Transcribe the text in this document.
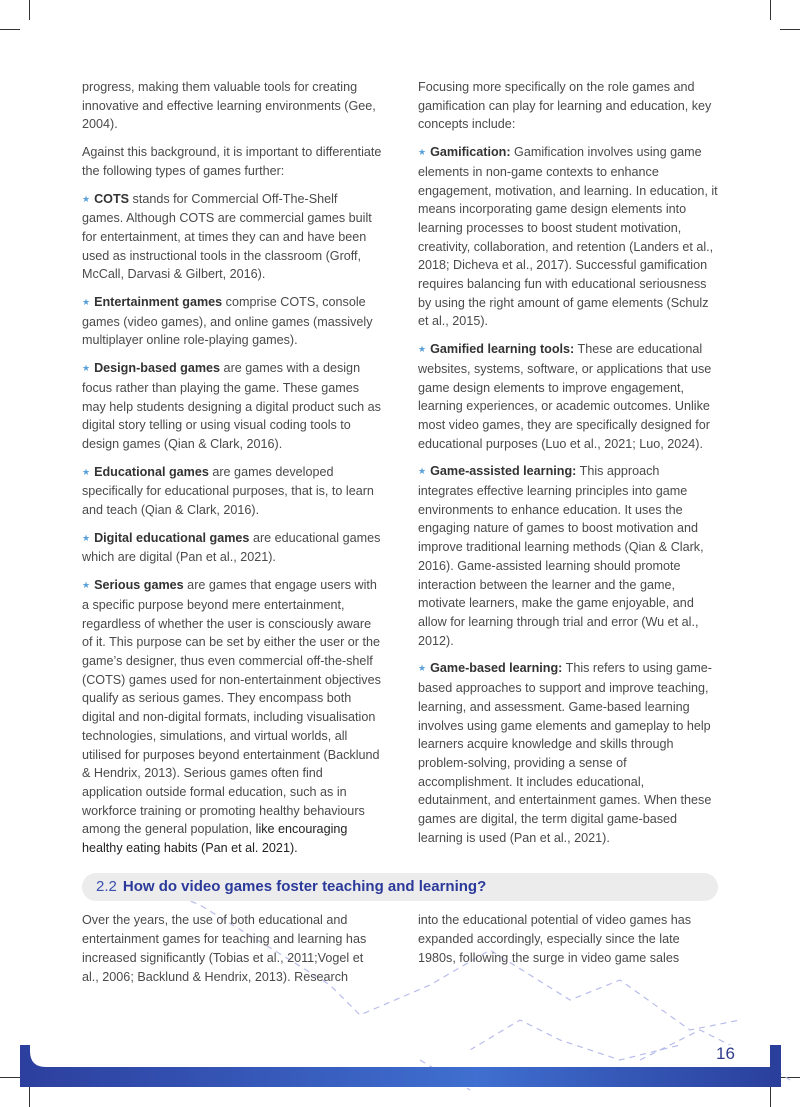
progress, making them valuable tools for creating innovative and effective learning environments (Gee, 2004).

Against this background, it is important to differentiate the following types of games further:

★ COTS stands for Commercial Off-The-Shelf games. Although COTS are commercial games built for entertainment, at times they can and have been used as instructional tools in the classroom (Groff, McCall, Darvasi & Gilbert, 2016).
★ Entertainment games comprise COTS, console games (video games), and online games (massively multiplayer online role-playing games).
★ Design-based games are games with a design focus rather than playing the game. These games may help students designing a digital product such as digital story telling or using visual coding tools to design games (Qian & Clark, 2016).
★ Educational games are games developed specifically for educational purposes, that is, to learn and teach (Qian & Clark, 2016).
★ Digital educational games are educational games which are digital (Pan et al., 2021).
★ Serious games are games that engage users with a specific purpose beyond mere entertainment, regardless of whether the user is consciously aware of it. This purpose can be set by either the user or the game’s designer, thus even commercial off-the-shelf (COTS) games used for non-entertainment objectives qualify as serious games. They encompass both digital and non-digital formats, including visualisation technologies, simulations, and virtual worlds, all utilised for purposes beyond entertainment (Backlund & Hendrix, 2013). Serious games often find application outside formal education, such as in workforce training or promoting healthy behaviours among the general population, like encouraging healthy eating habits (Pan et al. 2021).

Focusing more specifically on the role games and gamification can play for learning and education, key concepts include:

★ Gamification: Gamification involves using game elements in non-game contexts to enhance engagement, motivation, and learning. In education, it means incorporating game design elements into learning processes to boost student motivation, creativity, collaboration, and retention (Landers et al., 2018; Dicheva et al., 2017). Successful gamification requires balancing fun with educational seriousness by using the right amount of game elements (Schulz et al., 2015).
★ Gamified learning tools: These are educational websites, systems, software, or applications that use game design elements to improve engagement, learning experiences, or academic outcomes. Unlike most video games, they are specifically designed for educational purposes (Luo et al., 2021; Luo, 2024).
★ Game-assisted learning: This approach integrates effective learning principles into game environments to enhance education. It uses the engaging nature of games to boost motivation and improve traditional learning methods (Qian & Clark, 2016). Game-assisted learning should promote interaction between the learner and the game, motivate learners, make the game enjoyable, and allow for learning through trial and error (Wu et al., 2012).
★ Game-based learning: This refers to using game-based approaches to support and improve teaching, learning, and assessment. Game-based learning involves using game elements and gameplay to help learners acquire knowledge and skills through problem-solving, providing a sense of accomplishment. It includes educational, edutainment, and entertainment games. When these games are digital, the term digital game-based learning is used (Pan et al., 2021).
2.2 How do video games foster teaching and learning?
Over the years, the use of both educational and entertainment games for teaching and learning has increased significantly (Tobias et al., 2011;Vogel et al., 2006; Backlund & Hendrix, 2013). Research
into the educational potential of video games has expanded accordingly, especially since the late 1980s, following the surge in video game sales
Video Games in European Schools: Results from the Games in Schools 2023-2024 Research Project	16
